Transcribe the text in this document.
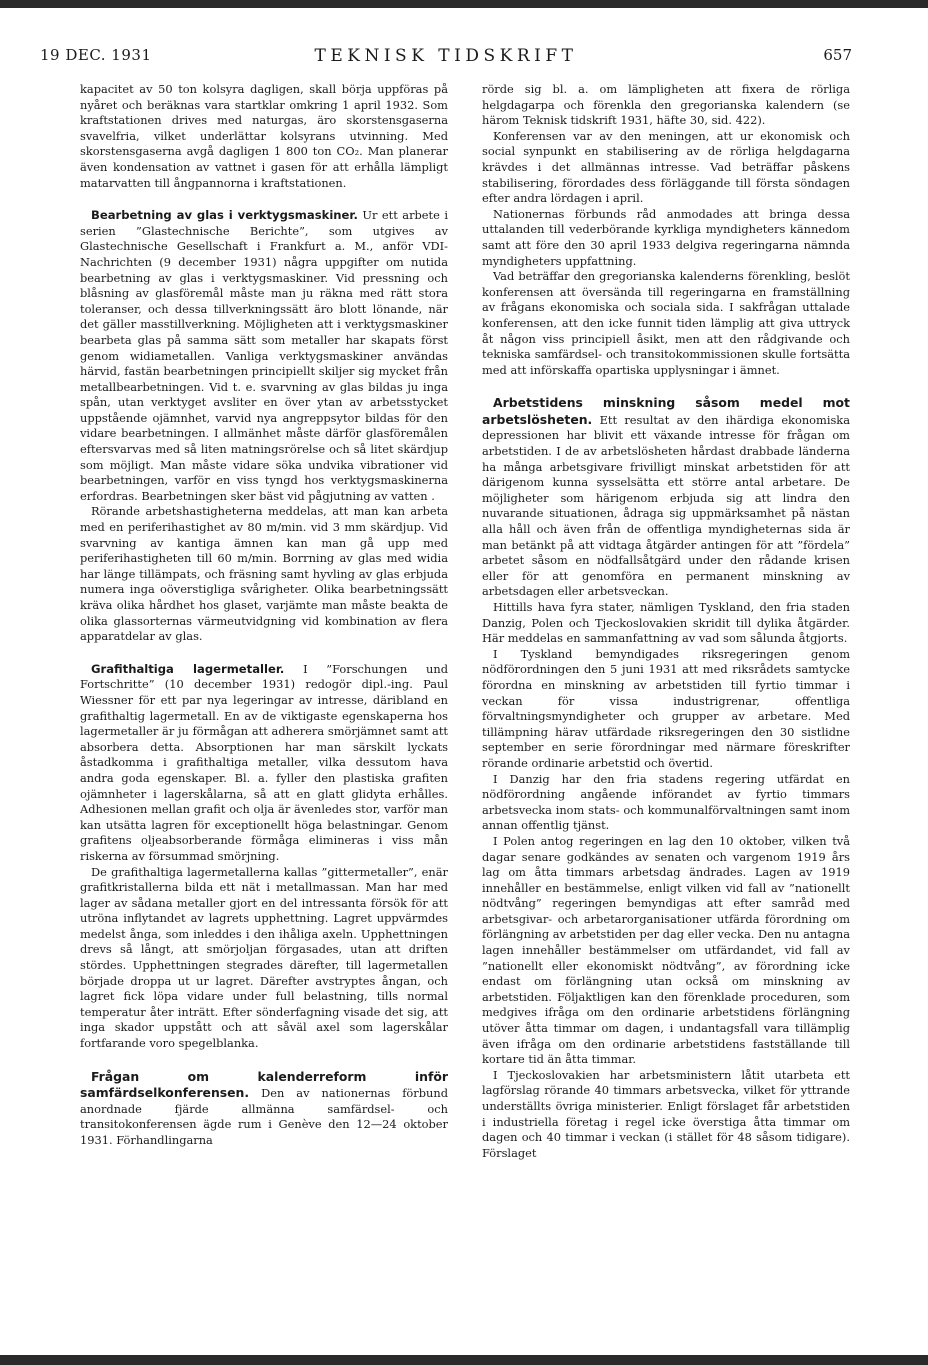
19 DEC. 1931	TEKNISK TIDSKRIFT	657

kapacitet av 50 ton kolsyra dagligen, skall börja uppföras på nyåret och beräknas vara startklar omkring 1 april 1932. Som kraftstationen drives med naturgas, äro skorstensgaserna svavelfria, vilket underlättar kolsyrans utvinning. Med skorstensgaserna avgå dagligen 1 800 ton CO₂. Man planerar även kondensation av vattnet i gasen för att erhålla lämpligt matarvatten till ångpannorna i kraftstationen.

Bearbetning av glas i verktygsmaskiner. Ur ett arbete i serien ”Glastechnische Berichte”, som utgives av Glastechnische Gesellschaft i Frankfurt a. M., anför VDI-Nachrichten (9 december 1931) några uppgifter om nutida bearbetning av glas i verktygsmaskiner. Vid pressning och blåsning av glasföremål måste man ju räkna med rätt stora toleranser, och dessa tillverkningssätt äro blott lönande, när det gäller masstillverkning. Möjligheten att i verktygsmaskiner bearbeta glas på samma sätt som metaller har skapats först genom widiametallen. Vanliga verktygsmaskiner användas härvid, fastän bearbetningen principiellt skiljer sig mycket från metallbearbetningen. Vid t. e. svarvning av glas bildas ju inga spån, utan verktyget avsliter en över ytan av arbetsstycket uppstående ojämnhet, varvid nya angreppsytor bildas för den vidare bearbetningen. I allmänhet måste därför glasföremålen eftersvarvas med så liten matningsrörelse och så litet skärdjup som möjligt. Man måste vidare söka undvika vibrationer vid bearbetningen, varför en viss tyngd hos verktygsmaskinerna erfordras. Bearbetningen sker bäst vid pågjutning av vatten .

Rörande arbetshastigheterna meddelas, att man kan arbeta med en periferihastighet av 80 m/min. vid 3 mm skärdjup. Vid svarvning av kantiga ämnen kan man gå upp med periferihastigheten till 60 m/min. Borrning av glas med widia har länge tillämpats, och fräsning samt hyvling av glas erbjuda numera inga oöverstigliga svårigheter. Olika bearbetningssätt kräva olika hårdhet hos glaset, varjämte man måste beakta de olika glassorternas värmeutvidgning vid kombination av flera apparatdelar av glas.

Grafithaltiga lagermetaller. I ”Forschungen und Fortschritte” (10 december 1931) redogör dipl.-ing. Paul Wiessner för ett par nya legeringar av intresse, däribland en grafithaltig lagermetall. En av de viktigaste egenskaperna hos lagermetaller är ju förmågan att adherera smörjämnet samt att absorbera detta. Absorptionen har man särskilt lyckats åstadkomma i grafithaltiga metaller, vilka dessutom hava andra goda egenskaper. Bl. a. fyller den plastiska grafiten ojämnheter i lagerskålarna, så att en glatt glidyta erhålles. Adhesionen mellan grafit och olja är ävenledes stor, varför man kan utsätta lagren för exceptionellt höga belastningar. Genom grafitens oljeabsorberande förmåga elimineras i viss mån riskerna av försummad smörjning.

De grafithaltiga lagermetallerna kallas ”gittermetaller”, enär grafitkristallerna bilda ett nät i metallmassan. Man har med lager av sådana metaller gjort en del intressanta försök för att utröna inflytandet av lagrets upphettning. Lagret uppvärmdes medelst ånga, som inleddes i den ihåliga axeln. Upphettningen drevs så långt, att smörjoljan förgasades, utan att driften stördes. Upphettningen stegrades därefter, till lagermetallen började droppa ut ur lagret. Därefter avstryptes ångan, och lagret fick löpa vidare under full belastning, tills normal temperatur åter inträtt. Efter sönderfagning visade det sig, att inga skador uppstått och att såväl axel som lagerskålar fortfarande voro spegelblanka.

Frågan om kalenderreform inför samfärdselkonferensen. Den av nationernas förbund anordnade fjärde allmänna samfärdsel- och transitokonferensen ägde rum i Genève den 12—24 oktober 1931. Förhandlingarna

rörde sig bl. a. om lämpligheten att fixera de rörliga helgdagarpa och förenkla den gregorianska kalendern (se härom Teknisk tidskrift 1931, häfte 30, sid. 422).

Konferensen var av den meningen, att ur ekonomisk och social synpunkt en stabilisering av de rörliga helgdagarna krävdes i det allmännas intresse. Vad beträffar påskens stabilisering, förordades dess förläggande till första söndagen efter andra lördagen i april.

Nationernas förbunds råd anmodades att bringa dessa uttalanden till vederbörande kyrkliga myndigheters kännedom samt att före den 30 april 1933 delgiva regeringarna nämnda myndigheters uppfattning.

Vad beträffar den gregorianska kalenderns förenkling, beslöt konferensen att översända till regeringarna en framställning av frågans ekonomiska och sociala sida. I sakfrågan uttalade konferensen, att den icke funnit tiden lämplig att giva uttryck åt någon viss principiell åsikt, men att den rådgivande och tekniska samfärdsel- och transitokommissionen skulle fortsätta med att införskaffa opartiska upplysningar i ämnet.

Arbetstidens minskning såsom medel mot arbetslösheten. Ett resultat av den ihärdiga ekonomiska depressionen har blivit ett växande intresse för frågan om arbetstiden. I de av arbetslösheten hårdast drabbade länderna ha många arbetsgivare frivilligt minskat arbetstiden för att därigenom kunna sysselsätta ett större antal arbetare. De möjligheter som härigenom erbjuda sig att lindra den nuvarande situationen, ådraga sig uppmärksamhet på nästan alla håll och även från de offentliga myndigheternas sida är man betänkt på att vidtaga åtgärder antingen för att ”fördela” arbetet såsom en nödfallsåtgärd under den rådande krisen eller för att genomföra en permanent minskning av arbetsdagen eller arbetsveckan.

Hittills hava fyra stater, nämligen Tyskland, den fria staden Danzig, Polen och Tjeckoslovakien skridit till dylika åtgärder. Här meddelas en sammanfattning av vad som sålunda åtgjorts.

I Tyskland bemyndigades riksregeringen genom nödförordningen den 5 juni 1931 att med riksrådets samtycke förordna en minskning av arbetstiden till fyrtio timmar i veckan för vissa industrigrenar, offentliga förvaltningsmyndigheter och grupper av arbetare. Med tillämpning härav utfärdade riksregeringen den 30 sistlidne september en serie förordningar med närmare föreskrifter rörande ordinarie arbetstid och övertid.

I Danzig har den fria stadens regering utfärdat en nödförordning angående införandet av fyrtio timmars arbetsvecka inom stats- och kommunalförvaltningen samt inom annan offentlig tjänst.

I Polen antog regeringen en lag den 10 oktober, vilken två dagar senare godkändes av senaten och vargenom 1919 års lag om åtta timmars arbetsdag ändrades. Lagen av 1919 innehåller en bestämmelse, enligt vilken vid fall av ”nationellt nödtvång” regeringen bemyndigas att efter samråd med arbetsgivar- och arbetarorganisationer utfärda förordning om förlängning av arbetstiden per dag eller vecka. Den nu antagna lagen innehåller bestämmelser om utfärdandet, vid fall av ”nationellt eller ekonomiskt nödtvång”, av förordning icke endast om förlängning utan också om minskning av arbetstiden. Följaktligen kan den förenklade proceduren, som medgives ifråga om den ordinarie arbetstidens förlängning utöver åtta timmar om dagen, i undantagsfall vara tillämplig även ifråga om den ordinarie arbetstidens fastställande till kortare tid än åtta timmar.

I Tjeckoslovakien har arbetsministern låtit utarbeta ett lagförslag rörande 40 timmars arbetsvecka, vilket för yttrande underställts övriga ministerier. Enligt förslaget får arbetstiden i industriella företag i regel icke överstiga åtta timmar om dagen och 40 timmar i veckan (i stället för 48 såsom tidigare). Förslaget
